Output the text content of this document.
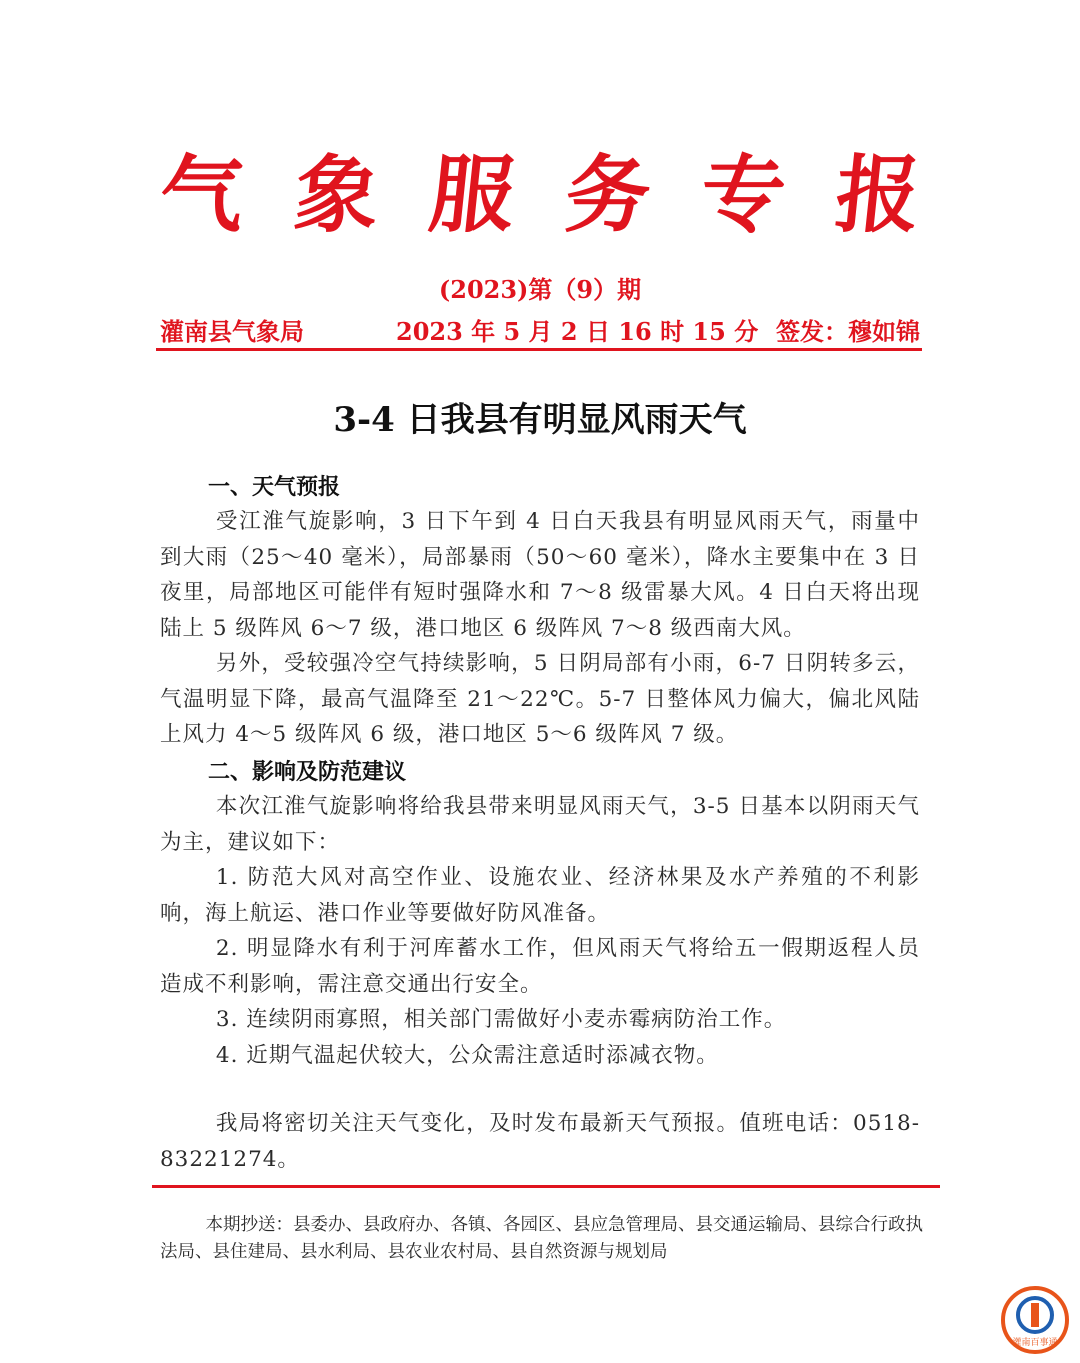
气 象 服 务 专 报
(2023)第（9）期
灌南县气象局	2023 年 5 月 2 日 16 时 15 分 签发：穆如锦
3-4 日我县有明显风雨天气
一、天气预报

受江淮气旋影响，3 日下午到 4 日白天我县有明显风雨天气，雨量中到大雨（25～40 毫米），局部暴雨（50～60 毫米），降水主要集中在 3 日夜里，局部地区可能伴有短时强降水和 7～8 级雷暴大风。4 日白天将出现陆上 5 级阵风 6～7 级，港口地区 6 级阵风 7～8 级西南大风。

另外，受较强冷空气持续影响，5 日阴局部有小雨，6-7 日阴转多云，气温明显下降，最高气温降至 21～22℃。5-7 日整体风力偏大，偏北风陆上风力 4～5 级阵风 6 级，港口地区 5～6 级阵风 7 级。

二、影响及防范建议

本次江淮气旋影响将给我县带来明显风雨天气，3-5 日基本以阴雨天气为主，建议如下：

1. 防范大风对高空作业、设施农业、经济林果及水产养殖的不利影响，海上航运、港口作业等要做好防风准备。

2. 明显降水有利于河库蓄水工作，但风雨天气将给五一假期返程人员造成不利影响，需注意交通出行安全。

3. 连续阴雨寡照，相关部门需做好小麦赤霉病防治工作。

4. 近期气温起伏较大，公众需注意适时添减衣物。

我局将密切关注天气变化，及时发布最新天气预报。值班电话：0518-83221274。

本期抄送：县委办、县政府办、各镇、各园区、县应急管理局、县交通运输局、县综合行政执法局、县住建局、县水利局、县农业农村局、县自然资源与规划局
灌南百事通
